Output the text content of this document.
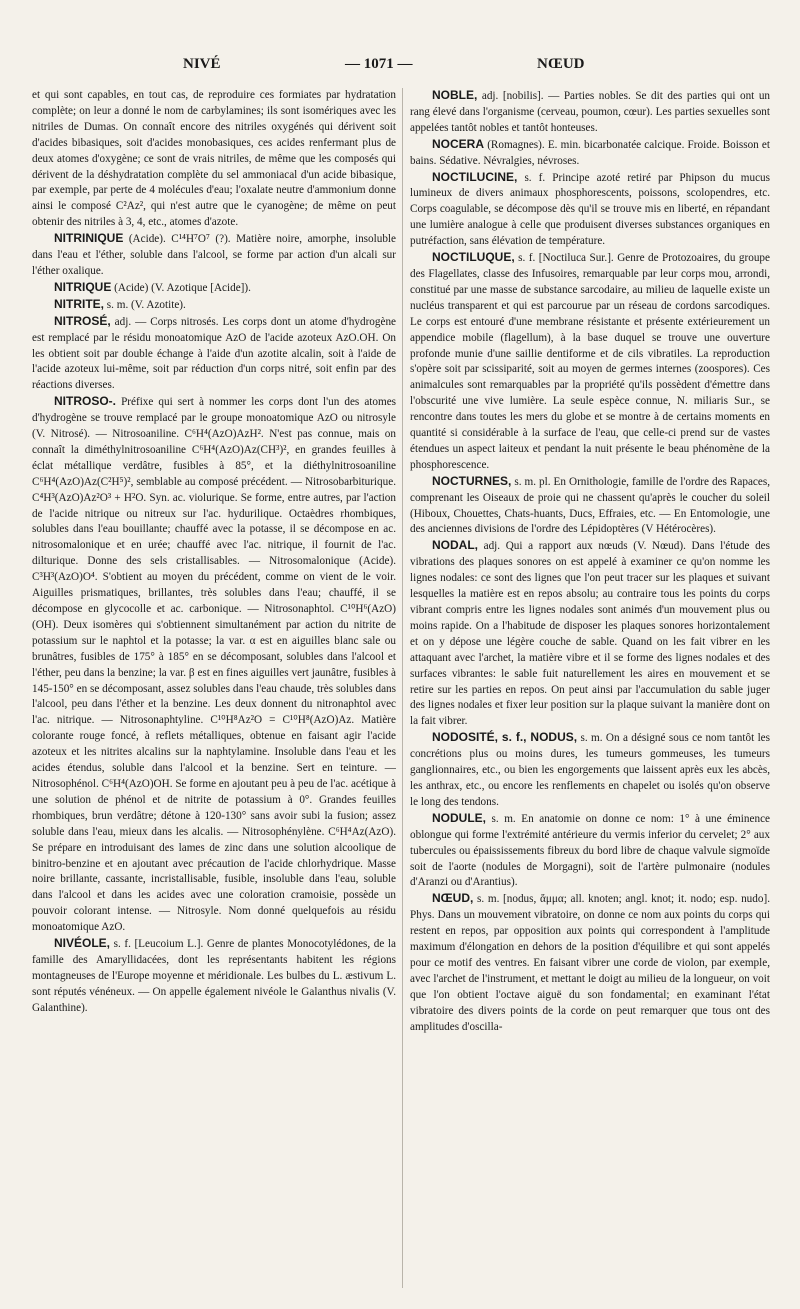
NIVÉ	— 1071 —	NŒUD

et qui sont capables, en tout cas, de reproduire ces formiates par hydratation complète; on leur a donné le nom de carbylamines; ils sont isomériques avec les nitriles de Dumas. On connaît encore des nitriles oxygénés qui dérivent soit d'acides bibasiques, soit d'acides monobasiques, ces acides renfermant plus de deux atomes d'oxygène; ce sont de vrais nitriles, de même que les composés qui dérivent de la déshydratation complète du sel ammoniacal d'un acide bibasique, par exemple, par perte de 4 molécules d'eau; l'oxalate neutre d'ammonium donne ainsi le composé C²Az², qui n'est autre que le cyanogène; de même on peut obtenir des nitriles à 3, 4, etc., atomes d'azote.

NITRINIQUE (Acide). C¹⁴H⁷O⁷ (?). Matière noire, amorphe, insoluble dans l'eau et l'éther, soluble dans l'alcool, se forme par action d'un alcali sur l'éther oxalique.

NITRIQUE (Acide) (V. Azotique [Acide]).

NITRITE, s. m. (V. Azotite).

NITROSÉ, adj. — Corps nitrosés. Les corps dont un atome d'hydrogène est remplacé par le résidu monoatomique AzO de l'acide azoteux AzO.OH. On les obtient soit par double échange à l'aide d'un azotite alcalin, soit à l'aide de l'acide azoteux lui-même, soit par réduction d'un corps nitré, soit enfin par des réactions diverses.

NITROSO-. Préfixe qui sert à nommer les corps dont l'un des atomes d'hydrogène se trouve remplacé par le groupe monoatomique AzO ou nitrosyle (V. Nitrosé). — Nitrosoaniline. C⁶H⁴(AzO)AzH². N'est pas connue, mais on connaît la diméthylnitrosoaniline C⁶H⁴(AzO)Az(CH³)², en grandes feuilles à éclat métallique verdâtre, fusibles à 85°, et la diéthylnitrosoaniline C⁶H⁴(AzO)Az(C²H⁵)², semblable au composé précédent. — Nitrosobarbiturique. C⁴H³(AzO)Az²O³ + H²O. Syn. ac. violurique. Se forme, entre autres, par l'action de l'acide nitrique ou nitreux sur l'ac. hydurilique. Octaèdres rhombiques, solubles dans l'eau bouillante; chauffé avec la potasse, il se décompose en ac. nitrosomalonique et en urée; chauffé avec l'ac. nitrique, il fournit de l'ac. dilturique. Donne des sels cristallisables. — Nitrosomalonique (Acide). C³H³(AzO)O⁴. S'obtient au moyen du précédent, comme on vient de le voir. Aiguilles prismatiques, brillantes, très solubles dans l'eau; chauffé, il se décompose en glycocolle et ac. carbonique. — Nitrosonaphtol. C¹⁰H⁶(AzO)(OH). Deux isomères qui s'obtiennent simultanément par action du nitrite de potassium sur le naphtol et la potasse; la var. α est en aiguilles blanc sale ou brunâtres, fusibles de 175° à 185° en se décomposant, solubles dans l'alcool et l'éther, peu dans la benzine; la var. β est en fines aiguilles vert jaunâtre, fusibles à 145-150° en se décomposant, assez solubles dans l'eau chaude, très solubles dans l'alcool, peu dans l'éther et la benzine. Les deux donnent du nitronaphtol avec l'ac. nitrique. — Nitrosonaphtyline. C¹⁰H⁸Az²O = C¹⁰H⁸(AzO)Az. Matière colorante rouge foncé, à reflets métalliques, obtenue en faisant agir l'acide azoteux et les nitrites alcalins sur la naphtylamine. Insoluble dans l'eau et les acides étendus, soluble dans l'alcool et la benzine. Sert en teinture. — Nitrosophénol. C⁶H⁴(AzO)OH. Se forme en ajoutant peu à peu de l'ac. acétique à une solution de phénol et de nitrite de potassium à 0°. Grandes feuilles rhombiques, brun verdâtre; détone à 120-130° sans avoir subi la fusion; assez soluble dans l'eau, mieux dans les alcalis. — Nitrosophénylène. C⁶H⁴Az(AzO). Se prépare en introduisant des lames de zinc dans une solution alcoolique de binitro-benzine et en ajoutant avec précaution de l'acide chlorhydrique. Masse noire brillante, cassante, incristallisable, fusible, insoluble dans l'eau, soluble dans l'alcool et dans les acides avec une coloration cramoisie, possède un pouvoir colorant intense. — Nitrosyle. Nom donné quelquefois au résidu monoatomique AzO.

NIVÉOLE, s. f. [Leucoium L.]. Genre de plantes Monocotylédones, de la famille des Amaryllidacées, dont les représentants habitent les régions montagneuses de l'Europe moyenne et méridionale. Les bulbes du L. æstivum L. sont réputés vénéneux. — On appelle également nivéole le Galanthus nivalis (V. Galanthine).

NOBLE, adj. [nobilis]. — Parties nobles. Se dit des parties qui ont un rang élevé dans l'organisme (cerveau, poumon, cœur). Les parties sexuelles sont appelées tantôt nobles et tantôt honteuses.

NOCERA (Romagnes). E. min. bicarbonatée calcique. Froide. Boisson et bains. Sédative. Névralgies, névroses.

NOCTILUCINE, s. f. Principe azoté retiré par Phipson du mucus lumineux de divers animaux phosphorescents, poissons, scolopendres, etc. Corps coagulable, se décompose dès qu'il se trouve mis en liberté, en répandant une lumière analogue à celle que produisent diverses substances organiques en putréfaction, sans élévation de température.

NOCTILUQUE, s. f. [Noctiluca Sur.]. Genre de Protozoaires, du groupe des Flagellates, classe des Infusoires, remarquable par leur corps mou, arrondi, constitué par une masse de substance sarcodaire, au milieu de laquelle existe un nucléus transparent et qui est parcourue par un réseau de cordons sarcodiques. Le corps est entouré d'une membrane résistante et présente extérieurement un appendice mobile (flagellum), à la base duquel se trouve une ouverture profonde munie d'une saillie dentiforme et de cils vibratiles. La reproduction s'opère soit par scissiparité, soit au moyen de germes internes (zoospores). Ces animalcules sont remarquables par la propriété qu'ils possèdent d'émettre dans l'obscurité une vive lumière. La seule espèce connue, N. miliaris Sur., se rencontre dans toutes les mers du globe et se montre à de certains moments en quantité si considérable à la surface de l'eau, que celle-ci prend sur de vastes étendues un aspect laiteux et pendant la nuit présente le beau phénomène de la phosphorescence.

NOCTURNES, s. m. pl. En Ornithologie, famille de l'ordre des Rapaces, comprenant les Oiseaux de proie qui ne chassent qu'après le coucher du soleil (Hiboux, Chouettes, Chats-huants, Ducs, Effraies, etc. — En Entomologie, une des anciennes divisions de l'ordre des Lépidoptères (V Hétérocères).

NODAL, adj. Qui a rapport aux nœuds (V. Nœud). Dans l'étude des vibrations des plaques sonores on est appelé à examiner ce qu'on nomme les lignes nodales: ce sont des lignes que l'on peut tracer sur les plaques et suivant lesquelles la matière est en repos absolu; au contraire tous les points du corps vibrant compris entre les lignes nodales sont animés d'un mouvement plus ou moins rapide. On a l'habitude de disposer les plaques sonores horizontalement et on y dépose une légère couche de sable. Quand on les fait vibrer en les attaquant avec l'archet, la matière vibre et il se forme des lignes nodales et des surfaces vibrantes: le sable fuit naturellement les aires en mouvement et se retire sur les parties en repos. On peut ainsi par l'accumulation du sable juger des lignes nodales et fixer leur position sur la plaque suivant la manière dont on la fait vibrer.

NODOSITÉ, s. f., NODUS, s. m. On a désigné sous ce nom tantôt les concrétions plus ou moins dures, les tumeurs gommeuses, les tumeurs ganglionnaires, etc., ou bien les engorgements que laissent après eux les abcès, les anthrax, etc., ou encore les renflements en chapelet ou isolés qu'on observe le long des tendons.

NODULE, s. m. En anatomie on donne ce nom: 1° à une éminence oblongue qui forme l'extrémité antérieure du vermis inferior du cervelet; 2° aux tubercules ou épaississements fibreux du bord libre de chaque valvule sigmoïde soit de l'aorte (nodules de Morgagni), soit de l'artère pulmonaire (nodules d'Aranzi ou d'Arantius).

NŒUD, s. m. [nodus, ἅμμα; all. knoten; angl. knot; it. nodo; esp. nudo]. Phys. Dans un mouvement vibratoire, on donne ce nom aux points du corps qui restent en repos, par opposition aux points qui correspondent à l'amplitude maximum d'élongation en dehors de la position d'équilibre et qui sont appelés pour ce motif des ventres. En faisant vibrer une corde de violon, par exemple, avec l'archet de l'instrument, et mettant le doigt au milieu de la longueur, on voit que l'on obtient l'octave aiguë du son fondamental; en examinant l'état vibratoire des divers points de la corde on peut remarquer que tous ont des amplitudes d'oscilla-
